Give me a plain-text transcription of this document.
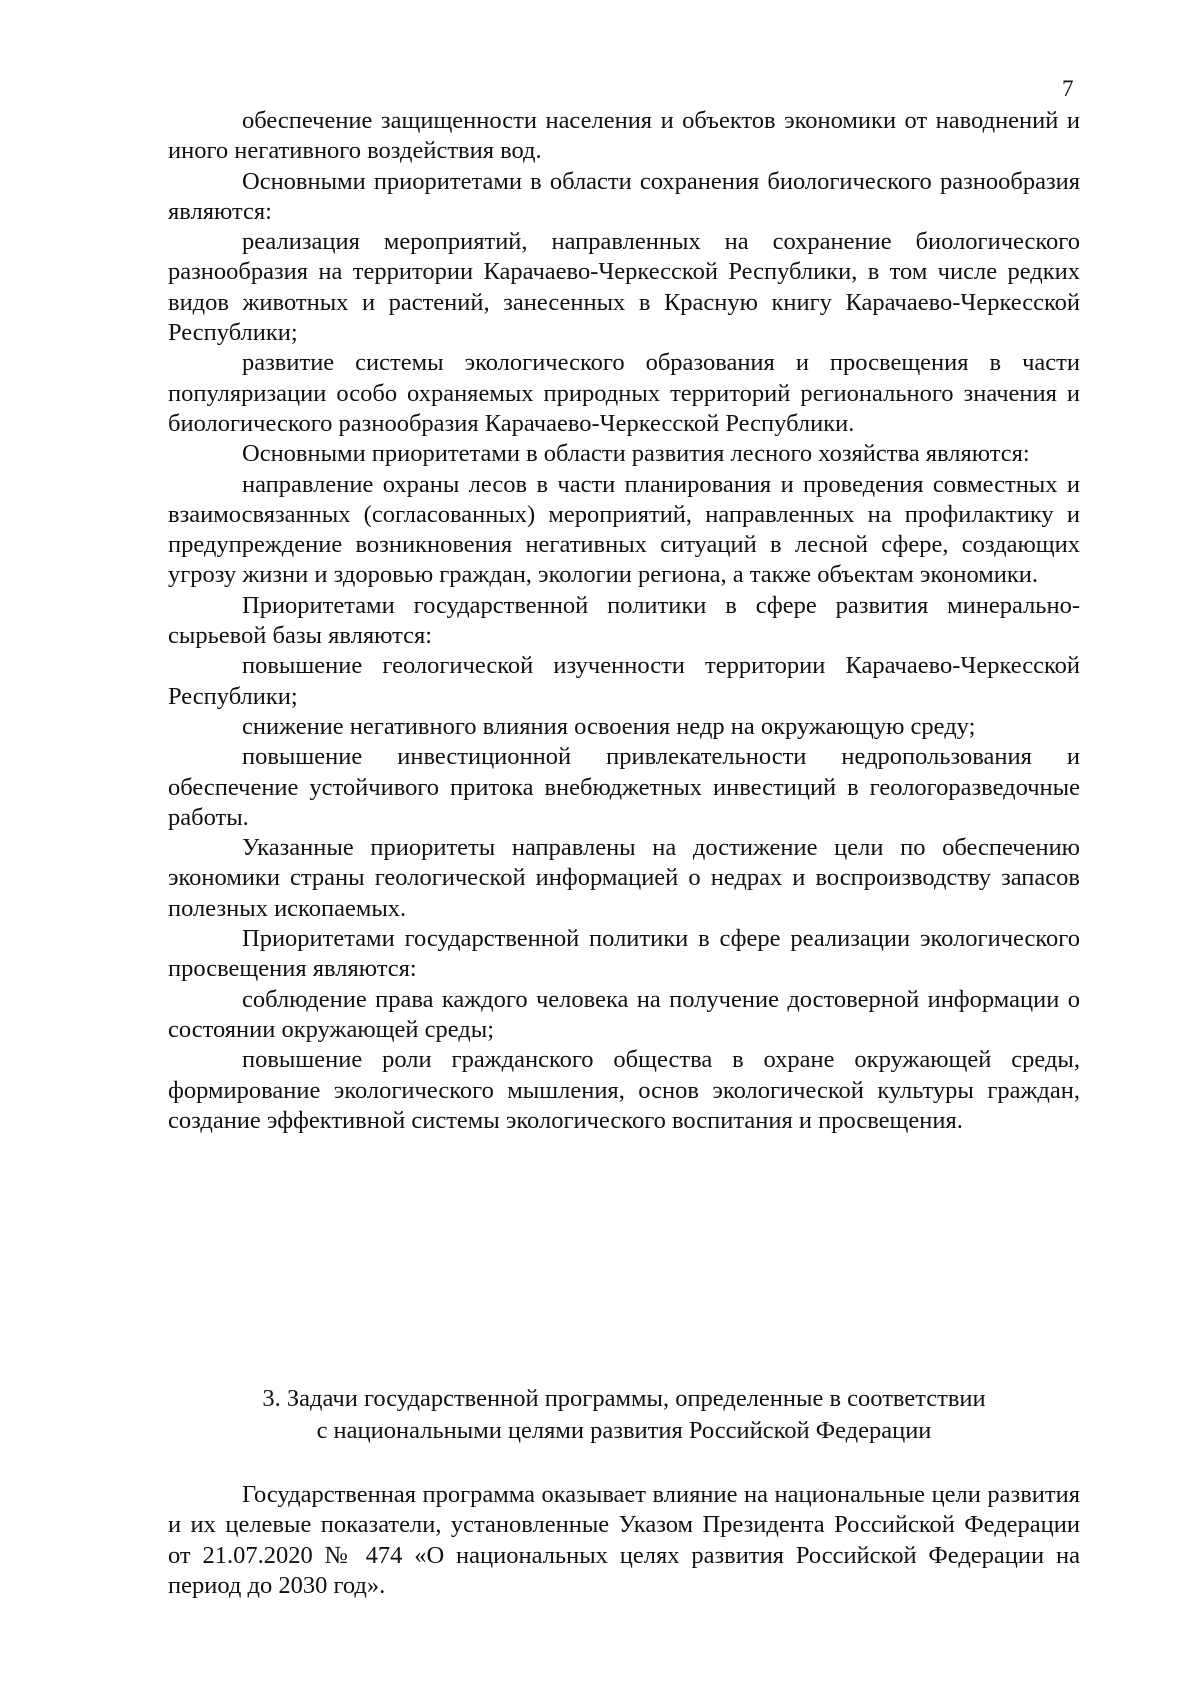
7

обеспечение защищенности населения и объектов экономики от наводнений и иного негативного воздействия вод.

Основными приоритетами в области сохранения биологического разнообразия являются:

реализация мероприятий, направленных на сохранение биологического разнообразия на территории Карачаево-Черкесской Республики, в том числе редких видов животных и растений, занесенных в Красную книгу Карачаево-Черкесской Республики;

развитие системы экологического образования и просвещения в части популяризации особо охраняемых природных территорий регионального значения и биологического разнообразия Карачаево-Черкесской Республики.

Основными приоритетами в области развития лесного хозяйства являются:

направление охраны лесов в части планирования и проведения совместных и взаимосвязанных (согласованных) мероприятий, направленных на профилактику и предупреждение возникновения негативных ситуаций в лесной сфере, создающих угрозу жизни и здоровью граждан, экологии региона, а также объектам экономики.

Приоритетами государственной политики в сфере развития минерально-сырьевой базы являются:

повышение геологической изученности территории Карачаево-Черкесской Республики;

снижение негативного влияния освоения недр на окружающую среду;

повышение инвестиционной привлекательности недропользования и обеспечение устойчивого притока внебюджетных инвестиций в геологоразведочные работы.

Указанные приоритеты направлены на достижение цели по обеспечению экономики страны геологической информацией о недрах и воспроизводству запасов полезных ископаемых.

Приоритетами государственной политики в сфере реализации экологического просвещения являются:

соблюдение права каждого человека на получение достоверной информации о состоянии окружающей среды;

повышение роли гражданского общества в охране окружающей среды, формирование экологического мышления, основ экологической культуры граждан, создание эффективной системы экологического воспитания и просвещения.

3. Задачи государственной программы, определенные в соответствии
с национальными целями развития Российской Федерации

Государственная программа оказывает влияние на национальные цели развития и их целевые показатели, установленные Указом Президента Российской Федерации от 21.07.2020 № 474 «О национальных целях развития Российской Федерации на период до 2030 год».
